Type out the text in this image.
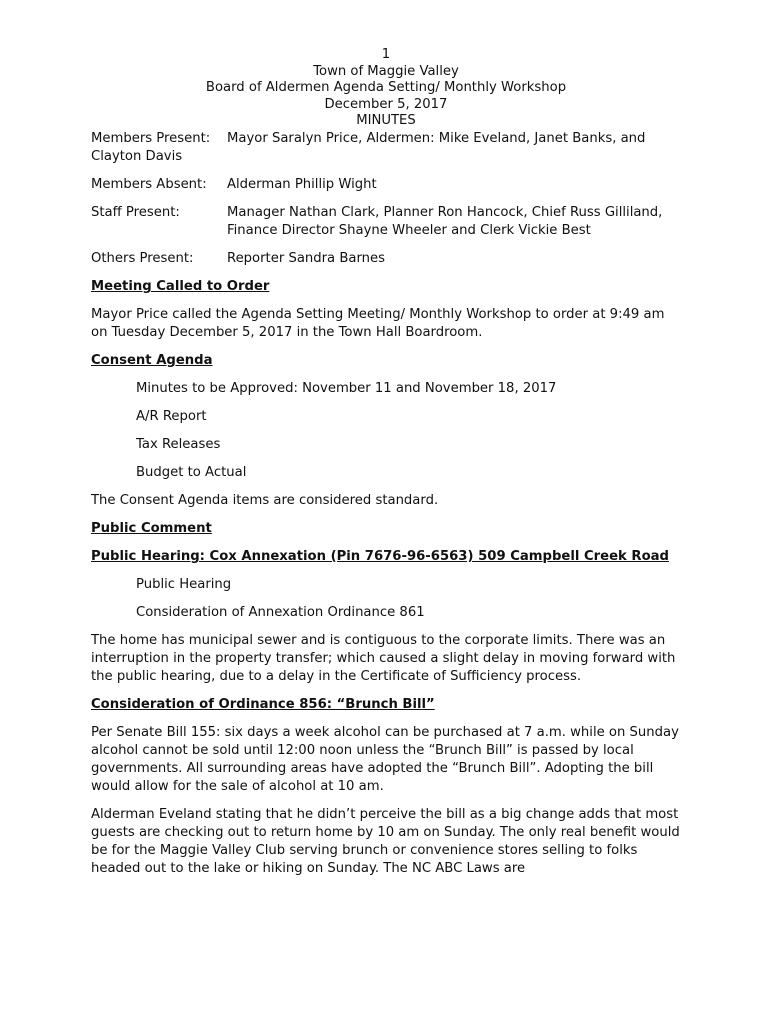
1
Town of Maggie Valley
Board of Aldermen Agenda Setting/ Monthly Workshop
December 5, 2017
MINUTES
Members Present: Mayor Saralyn Price, Aldermen: Mike Eveland, Janet Banks, and Clayton Davis
Members Absent:	Alderman Phillip Wight
Staff Present:	Manager Nathan Clark, Planner Ron Hancock, Chief Russ Gilliland, Finance Director Shayne Wheeler and Clerk Vickie Best
Others Present:	Reporter Sandra Barnes
Meeting Called to Order

Mayor Price called the Agenda Setting Meeting/ Monthly Workshop to order at 9:49 am on Tuesday December 5, 2017 in the Town Hall Boardroom.

Consent Agenda
Minutes to be Approved: November 11 and November 18, 2017
A/R Report
Tax Releases
Budget to Actual

The Consent Agenda items are considered standard.

Public Comment
Public Hearing: Cox Annexation (Pin 7676-96-6563) 509 Campbell Creek Road
Public Hearing
Consideration of Annexation Ordinance 861

The home has municipal sewer and is contiguous to the corporate limits. There was an interruption in the property transfer; which caused a slight delay in moving forward with the public hearing, due to a delay in the Certificate of Sufficiency process.

Consideration of Ordinance 856: “Brunch Bill”

Per Senate Bill 155: six days a week alcohol can be purchased at 7 a.m. while on Sunday alcohol cannot be sold until 12:00 noon unless the “Brunch Bill” is passed by local governments. All surrounding areas have adopted the “Brunch Bill”. Adopting the bill would allow for the sale of alcohol at 10 am.

Alderman Eveland stating that he didn’t perceive the bill as a big change adds that most guests are checking out to return home by 10 am on Sunday. The only real benefit would be for the Maggie Valley Club serving brunch or convenience stores selling to folks headed out to the lake or hiking on Sunday. The NC ABC Laws are
